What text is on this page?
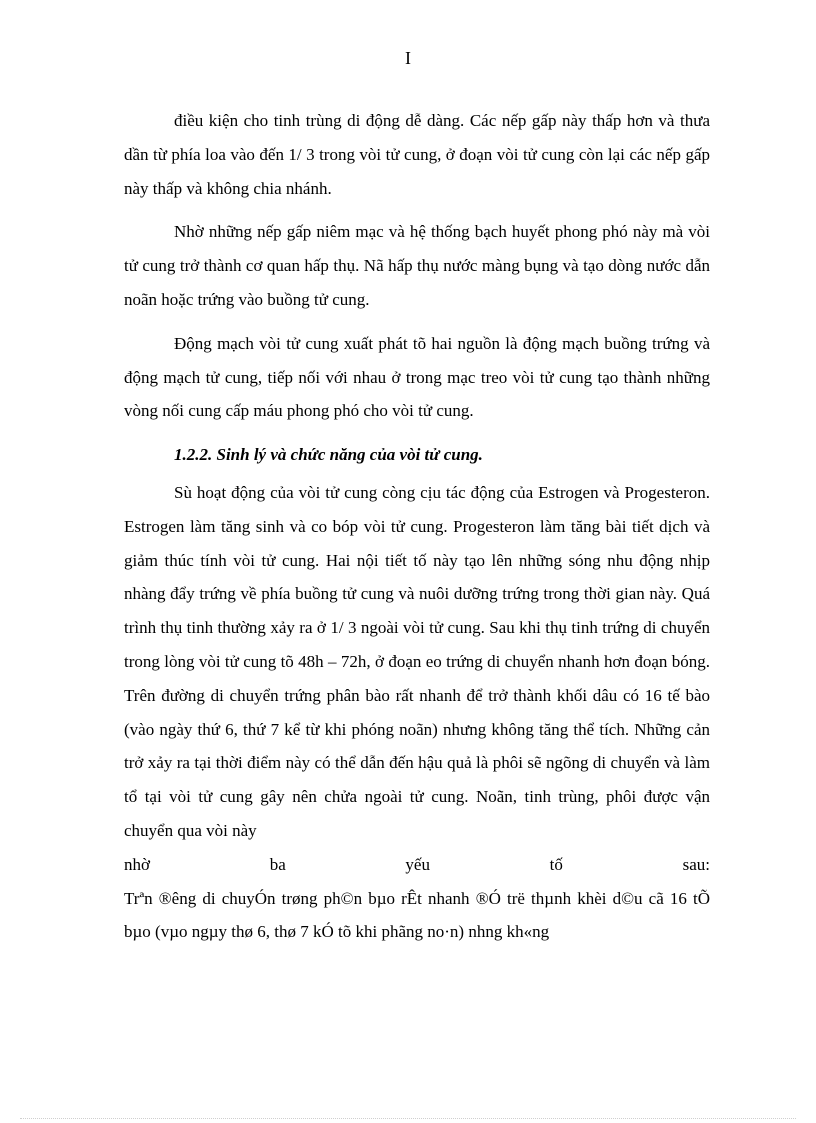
I

điều kiện cho tinh trùng di động dễ dàng. Các nếp gấp này thấp hơn và thưa dần từ phía loa vào đến 1/ 3 trong vòi tử cung, ở đoạn vòi tử cung còn lại các nếp gấp này thấp và không chia nhánh.

Nhờ những nếp gấp niêm mạc và hệ thống bạch huyết phong phó này mà vòi tử cung trở thành cơ quan hấp thụ. Nã hấp thụ nước màng bụng và tạo dòng nước dẫn noãn hoặc trứng vào buồng tử cung.

Động mạch vòi tử cung xuất phát tõ hai nguồn là động mạch buồng trứng và động mạch tử cung, tiếp nối với nhau ở trong mạc treo vòi tử cung tạo thành những vòng nối cung cấp máu phong phó cho vòi tử cung.

1.2.2. Sinh lý và chức năng của vòi tử cung.

Sù hoạt động của vòi tử cung còng cịu tác động của Estrogen và Progesteron. Estrogen làm tăng sinh và co bóp vòi tử cung. Progesteron làm tăng bài tiết dịch và giảm thúc tính vòi tử cung. Hai nội tiết tố này tạo lên những sóng nhu động nhịp nhàng đẩy trứng về phía buồng tử cung và nuôi dưỡng trứng trong thời gian này. Quá trình thụ tinh thường xảy ra ở 1/ 3 ngoài vòi tử cung. Sau khi thụ tinh trứng di chuyển trong lòng vòi tử cung tõ 48h – 72h, ở đoạn eo trứng di chuyển nhanh hơn đoạn bóng. Trên đường di chuyển trứng phân bào rất nhanh để trở thành khối dâu có 16 tế bào (vào ngày thứ 6, thứ 7 kể từ khi phóng noãn) nhưng không tăng thể tích. Những cản trở xảy ra tại thời điểm này có thể dẫn đến hậu quả là phôi sẽ ngõng di chuyển và làm tổ tại vòi tử cung gây nên chửa ngoài tử cung. Noãn, tinh trùng, phôi được vận chuyển qua vòi này

nhờ	ba	yếu	tố	sau:

Trªn ®êng di chuyÓn trøng ph©n bµo rÊt nhanh ®Ó trë thµnh khèi d©u cã 16 tÕ bµo (vµo ngµy thø 6, thø 7 kÓ tõ khi phãng no·n) nhng kh«ng
